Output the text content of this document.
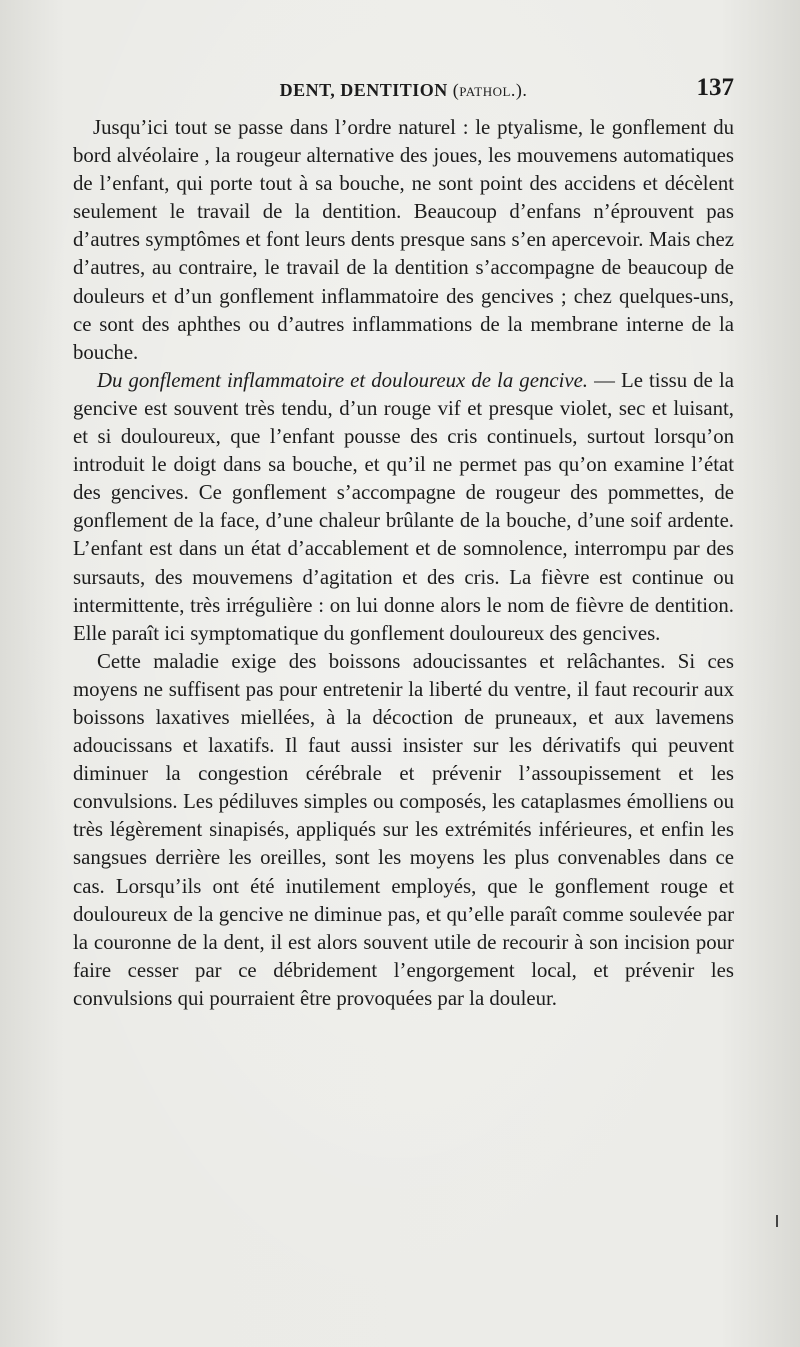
DENT, DENTITION (pathol.).	137

Jusqu’ici tout se passe dans l’ordre naturel : le ptyalisme, le gonflement du bord alvéolaire , la rougeur alternative des joues, les mouvemens automatiques de l’enfant, qui porte tout à sa bouche, ne sont point des accidens et décèlent seulement le travail de la dentition. Beaucoup d’enfans n’éprouvent pas d’autres symptômes et font leurs dents presque sans s’en apercevoir. Mais chez d’autres, au contraire, le travail de la dentition s’accompagne de beaucoup de douleurs et d’un gonflement inflammatoire des gencives ; chez quelques-uns, ce sont des aphthes ou d’autres inflammations de la membrane interne de la bouche.

Du gonflement inflammatoire et douloureux de la gencive. — Le tissu de la gencive est souvent très tendu, d’un rouge vif et presque violet, sec et luisant, et si douloureux, que l’enfant pousse des cris continuels, surtout lorsqu’on introduit le doigt dans sa bouche, et qu’il ne permet pas qu’on examine l’état des gencives. Ce gonflement s’accompagne de rougeur des pommettes, de gonflement de la face, d’une chaleur brûlante de la bouche, d’une soif ardente. L’enfant est dans un état d’accablement et de somnolence, interrompu par des sursauts, des mouvemens d’agitation et des cris. La fièvre est continue ou intermittente, très irrégulière : on lui donne alors le nom de fièvre de dentition. Elle paraît ici symptomatique du gonflement douloureux des gencives.

Cette maladie exige des boissons adoucissantes et relâchantes. Si ces moyens ne suffisent pas pour entretenir la liberté du ventre, il faut recourir aux boissons laxatives miellées, à la décoction de pruneaux, et aux lavemens adoucissans et laxatifs. Il faut aussi insister sur les dérivatifs qui peuvent diminuer la congestion cérébrale et prévenir l’assoupissement et les convulsions. Les pédiluves simples ou composés, les cataplasmes émolliens ou très légèrement sinapisés, appliqués sur les extrémités inférieures, et enfin les sangsues derrière les oreilles, sont les moyens les plus convenables dans ce cas. Lorsqu’ils ont été inutilement employés, que le gonflement rouge et douloureux de la gencive ne diminue pas, et qu’elle paraît comme soulevée par la couronne de la dent, il est alors souvent utile de recourir à son incision pour faire cesser par ce débridement l’engorgement local, et prévenir les convulsions qui pourraient être provoquées par la douleur.
